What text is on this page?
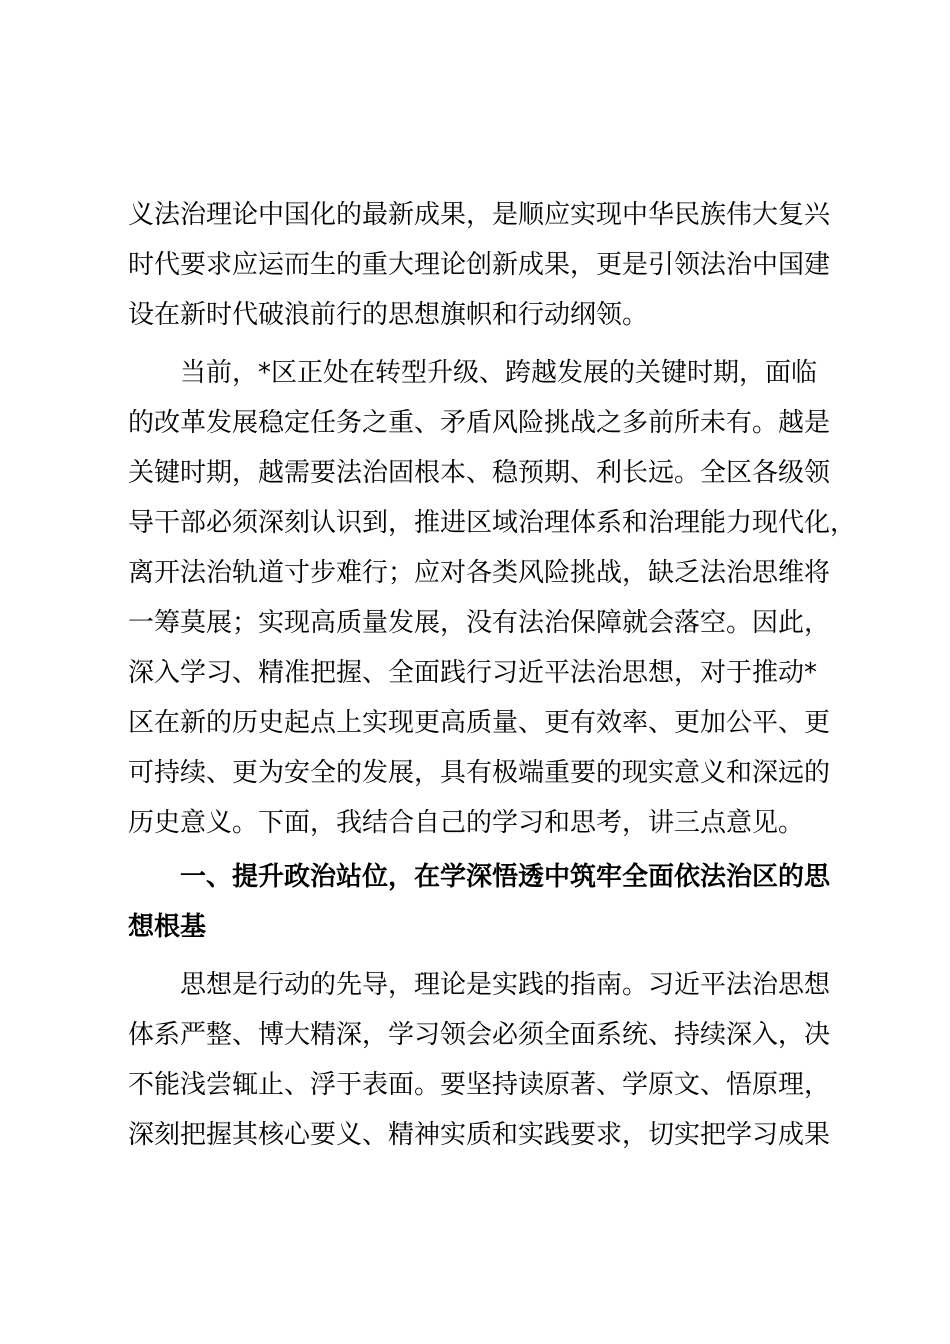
义法治理论中国化的最新成果，是顺应实现中华民族伟大复兴
时代要求应运而生的重大理论创新成果，更是引领法治中国建
设在新时代破浪前行的思想旗帜和行动纲领。
当前，*区正处在转型升级、跨越发展的关键时期，面临
的改革发展稳定任务之重、矛盾风险挑战之多前所未有。越是
关键时期，越需要法治固根本、稳预期、利长远。全区各级领
导干部必须深刻认识到，推进区域治理体系和治理能力现代化，
离开法治轨道寸步难行；应对各类风险挑战，缺乏法治思维将
一筹莫展；实现高质量发展，没有法治保障就会落空。因此，
深入学习、精准把握、全面践行习近平法治思想，对于推动*
区在新的历史起点上实现更高质量、更有效率、更加公平、更
可持续、更为安全的发展，具有极端重要的现实意义和深远的
历史意义。下面，我结合自己的学习和思考，讲三点意见。
一、提升政治站位，在学深悟透中筑牢全面依法治区的思
想根基
思想是行动的先导，理论是实践的指南。习近平法治思想
体系严整、博大精深，学习领会必须全面系统、持续深入，决
不能浅尝辄止、浮于表面。要坚持读原著、学原文、悟原理，
深刻把握其核心要义、精神实质和实践要求，切实把学习成果
